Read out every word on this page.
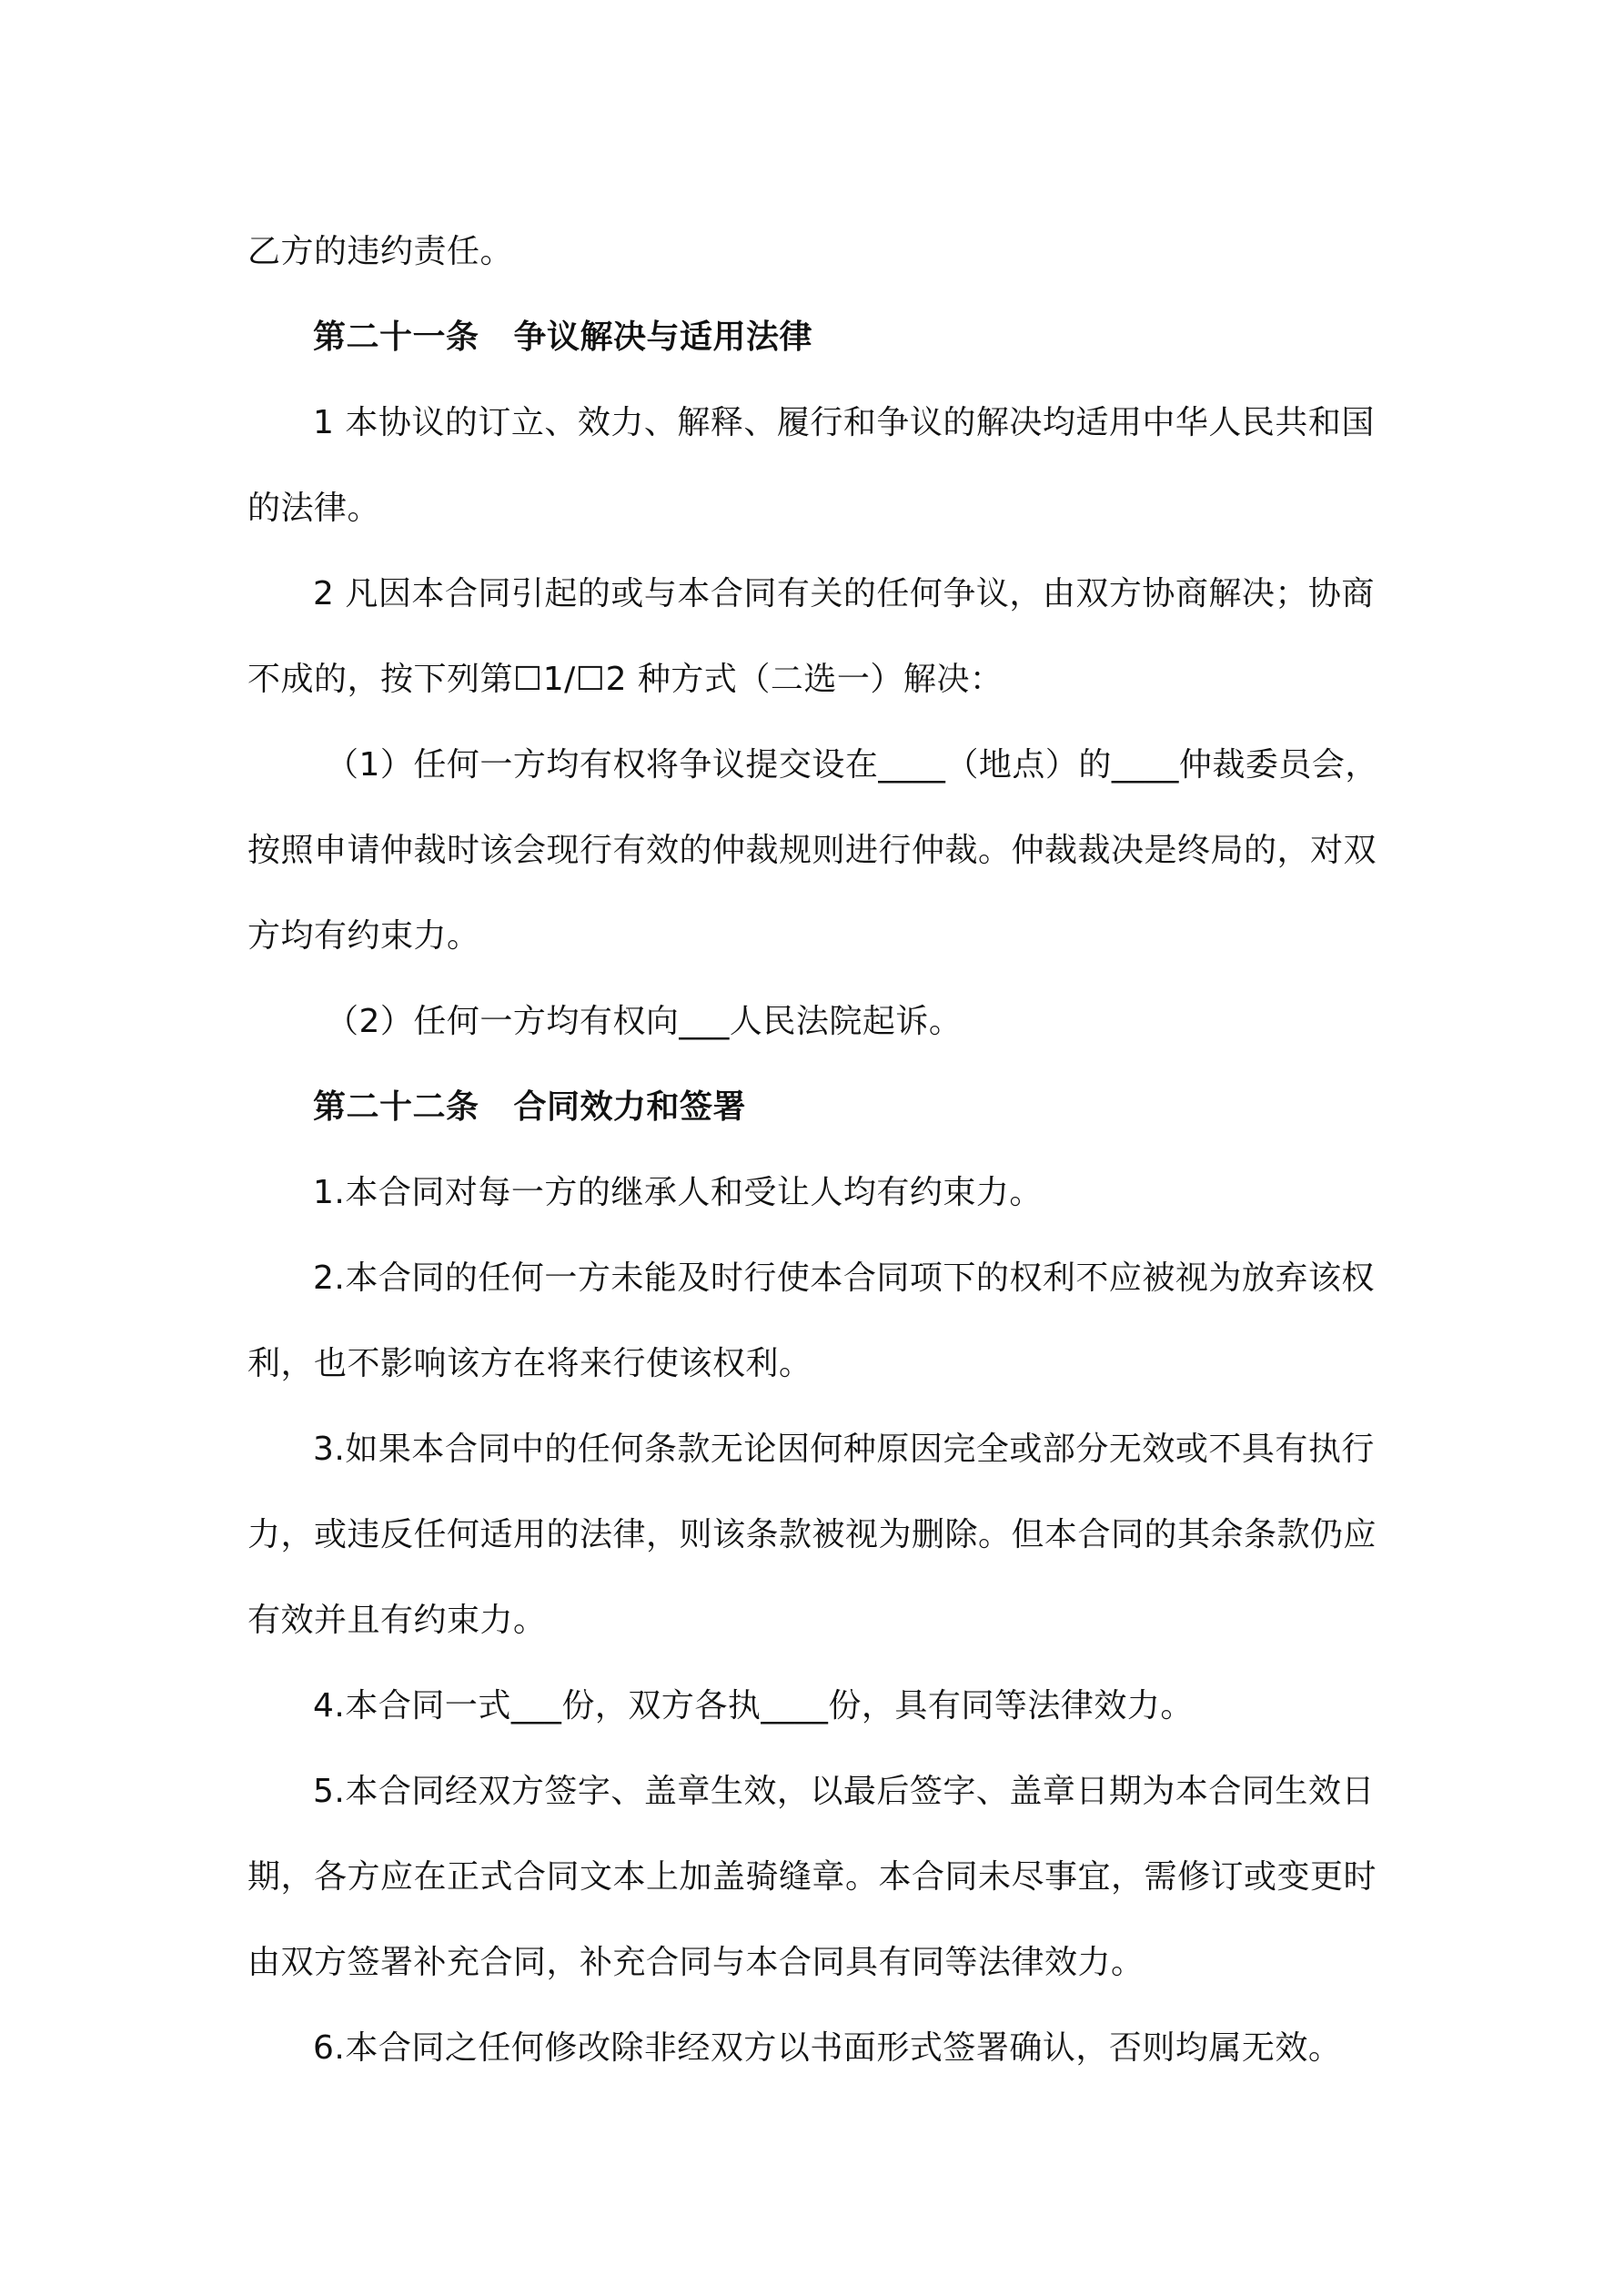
乙方的违约责任。

第二十一条 争议解决与适用法律

1 本协议的订立、效力、解释、履行和争议的解决均适用中华人民共和国的法律。

2 凡因本合同引起的或与本合同有关的任何争议，由双方协商解决；协商不成的，按下列第☐1/☐2 种方式（二选一）解决：

（1）任何一方均有权将争议提交设在____（地点）的____仲裁委员会，按照申请仲裁时该会现行有效的仲裁规则进行仲裁。仲裁裁决是终局的，对双方均有约束力。

（2）任何一方均有权向___人民法院起诉。

第二十二条 合同效力和签署

1.本合同对每一方的继承人和受让人均有约束力。

2.本合同的任何一方未能及时行使本合同项下的权利不应被视为放弃该权利，也不影响该方在将来行使该权利。

3.如果本合同中的任何条款无论因何种原因完全或部分无效或不具有执行力，或违反任何适用的法律，则该条款被视为删除。但本合同的其余条款仍应有效并且有约束力。

4.本合同一式___份，双方各执____份，具有同等法律效力。

5.本合同经双方签字、盖章生效，以最后签字、盖章日期为本合同生效日期，各方应在正式合同文本上加盖骑缝章。本合同未尽事宜，需修订或变更时由双方签署补充合同，补充合同与本合同具有同等法律效力。

6.本合同之任何修改除非经双方以书面形式签署确认，否则均属无效。
